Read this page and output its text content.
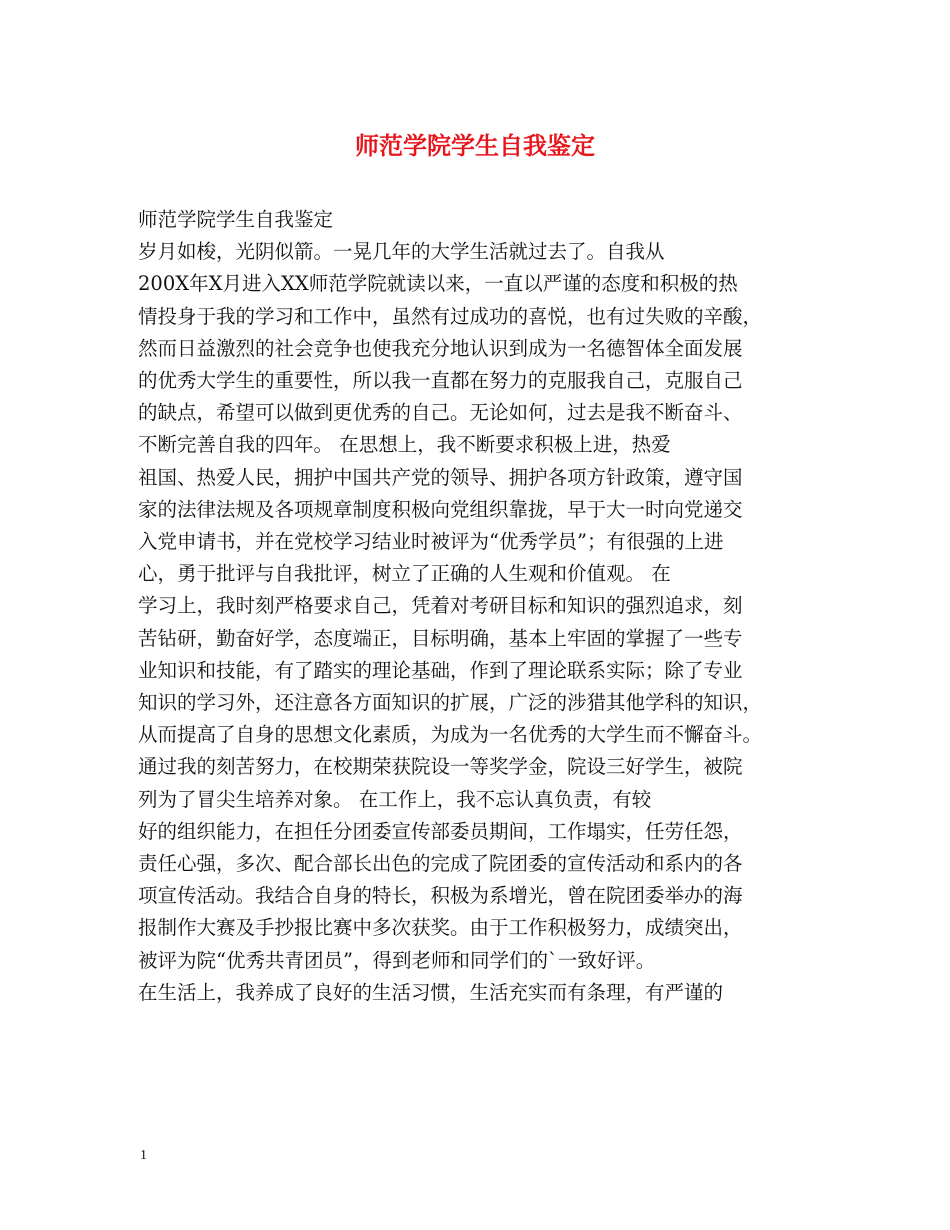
师范学院学生自我鉴定
师范学院学生自我鉴定
岁月如梭，光阴似箭。一晃几年的大学生活就过去了。自我从
200X年X月进入XX师范学院就读以来，一直以严谨的态度和积极的热
情投身于我的学习和工作中，虽然有过成功的喜悦，也有过失败的辛酸，
然而日益激烈的社会竞争也使我充分地认识到成为一名德智体全面发展
的优秀大学生的重要性，所以我一直都在努力的克服我自己，克服自己
的缺点，希望可以做到更优秀的自己。无论如何，过去是我不断奋斗、
不断完善自我的四年。 在思想上，我不断要求积极上进，热爱
祖国、热爱人民，拥护中国共产党的领导、拥护各项方针政策，遵守国
家的法律法规及各项规章制度积极向党组织靠拢，早于大一时向党递交
入党申请书，并在党校学习结业时被评为“优秀学员”；有很强的上进
心，勇于批评与自我批评，树立了正确的人生观和价值观。 在
学习上，我时刻严格要求自己，凭着对考研目标和知识的强烈追求，刻
苦钻研，勤奋好学，态度端正，目标明确，基本上牢固的掌握了一些专
业知识和技能，有了踏实的理论基础，作到了理论联系实际；除了专业
知识的学习外，还注意各方面知识的扩展，广泛的涉猎其他学科的知识，
从而提高了自身的思想文化素质，为成为一名优秀的大学生而不懈奋斗。
通过我的刻苦努力，在校期荣获院设一等奖学金，院设三好学生，被院
列为了冒尖生培养对象。 在工作上，我不忘认真负责，有较
好的组织能力，在担任分团委宣传部委员期间，工作塌实，任劳任怨，
责任心强，多次、配合部长出色的完成了院团委的宣传活动和系内的各
项宣传活动。我结合自身的特长，积极为系增光，曾在院团委举办的海
报制作大赛及手抄报比赛中多次获奖。由于工作积极努力，成绩突出，
被评为院“优秀共青团员”，得到老师和同学们的`一致好评。
在生活上，我养成了良好的生活习惯，生活充实而有条理，有严谨的
1
